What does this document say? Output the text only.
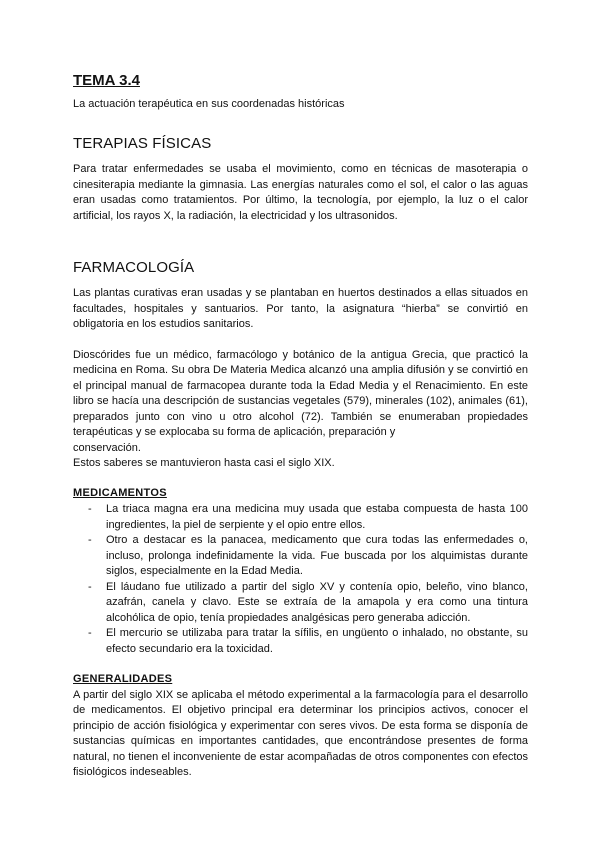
TEMA 3.4

La actuación terapéutica en sus coordenadas históricas

TERAPIAS FÍSICAS

Para tratar enfermedades se usaba el movimiento, como en técnicas de masoterapia o cinesiterapia mediante la gimnasia. Las energías naturales como el sol, el calor o las aguas eran usadas como tratamientos. Por último, la tecnología, por ejemplo, la luz o el calor artificial, los rayos X, la radiación, la electricidad y los ultrasonidos.

FARMACOLOGÍA

Las plantas curativas eran usadas y se plantaban en huertos destinados a ellas situados en facultades, hospitales y santuarios. Por tanto, la asignatura “hierba” se convirtió en obligatoria en los estudios sanitarios.

Dioscórides fue un médico, farmacólogo y botánico de la antigua Grecia, que practicó la medicina en Roma. Su obra De Materia Medica alcanzó una amplia difusión y se convirtió en el principal manual de farmacopea durante toda la Edad Media y el Renacimiento. En este libro se hacía una descripción de sustancias vegetales (579), minerales (102), animales (61), preparados junto con vino u otro alcohol (72). También se enumeraban propiedades terapéuticas y se explocaba su forma de aplicación, preparación y

conservación.

Estos saberes se mantuvieron hasta casi el siglo XIX.

MEDICAMENTOS
- La triaca magna era una medicina muy usada que estaba compuesta de hasta 100 ingredientes, la piel de serpiente y el opio entre ellos.
- Otro a destacar es la panacea, medicamento que cura todas las enfermedades o, incluso, prolonga indefinidamente la vida. Fue buscada por los alquimistas durante siglos, especialmente en la Edad Media.
- El láudano fue utilizado a partir del siglo XV y contenía opio, beleño, vino blanco, azafrán, canela y clavo. Este se extraía de la amapola y era como una tintura alcohólica de opio, tenía propiedades analgésicas pero generaba adicción.
- El mercurio se utilizaba para tratar la sífilis, en ungüento o inhalado, no obstante, su efecto secundario era la toxicidad.
GENERALIDADES

A partir del siglo XIX se aplicaba el método experimental a la farmacología para el desarrollo de medicamentos. El objetivo principal era determinar los principios activos, conocer el principio de acción fisiológica y experimentar con seres vivos. De esta forma se disponía de sustancias químicas en importantes cantidades, que encontrándose presentes de forma natural, no tienen el inconveniente de estar acompañadas de otros componentes con efectos fisiológicos indeseables.
